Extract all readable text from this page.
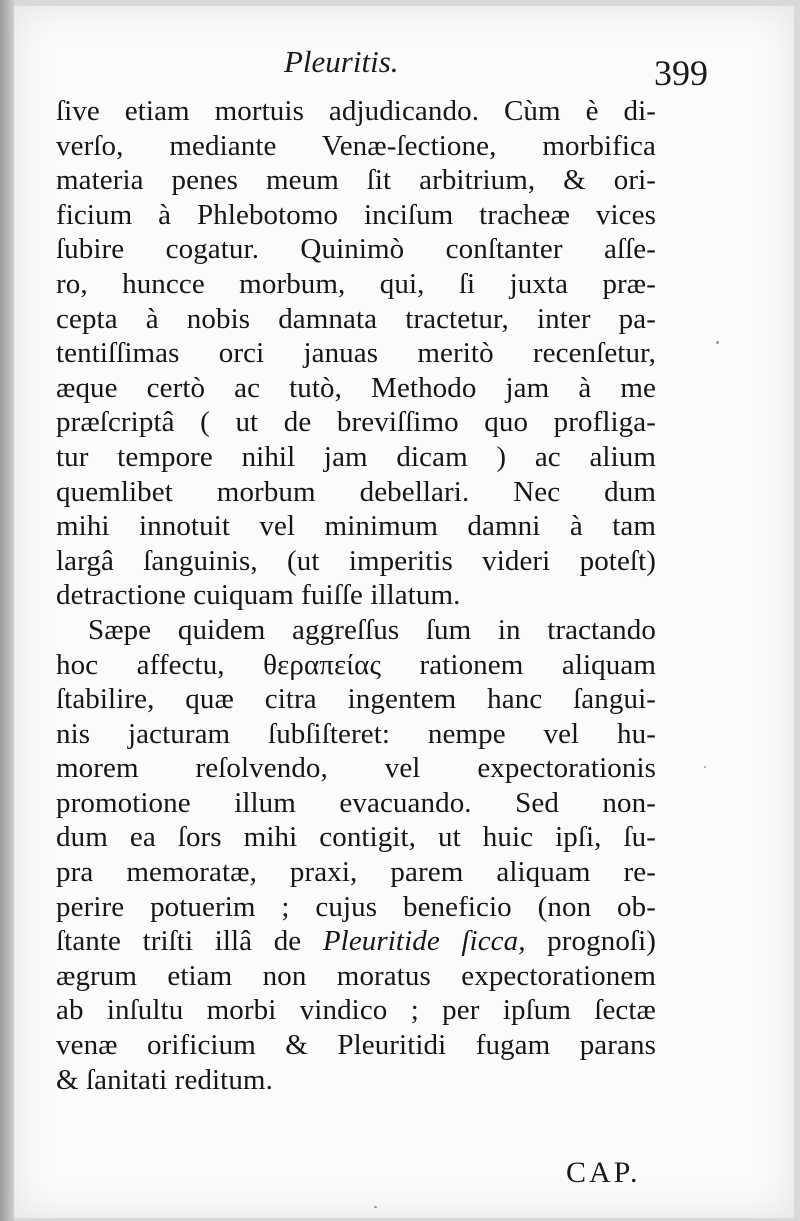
Pleuritis.	399
ſive etiam mortuis adjudicando. Cùm è di-
verſo, mediante Venæ-ſectione, morbifica
materia penes meum ſit arbitrium, & ori-
ficium à Phlebotomo inciſum tracheæ vices
ſubire cogatur. Quinimò conſtanter aſſe-
ro, huncce morbum, qui, ſi juxta præ-
cepta à nobis damnata tractetur, inter pa-
tentiſſimas orci januas meritò recenſetur,
æque certò ac tutò, Methodo jam à me
præſcriptâ ( ut de breviſſimo quo profliga-
tur tempore nihil jam dicam ) ac alium
quemlibet morbum debellari. Nec dum
mihi innotuit vel minimum damni à tam
largâ ſanguinis, (ut imperitis videri poteſt)
detractione cuiquam fuiſſe illatum.
Sæpe quidem aggreſſus ſum in tractando
hoc affectu, θεραπείας rationem aliquam
ſtabilire, quæ citra ingentem hanc ſangui-
nis jacturam ſubſiſteret: nempe vel hu-
morem reſolvendo, vel expectorationis
promotione illum evacuando. Sed non-
dum ea ſors mihi contigit, ut huic ipſi, ſu-
pra memoratæ, praxi, parem aliquam re-
perire potuerim ; cujus beneficio (non ob-
ſtante triſti illâ de Pleuritide ſicca, prognoſi)
ægrum etiam non moratus expectorationem
ab inſultu morbi vindico ; per ipſum ſectæ
venæ orificium & Pleuritidi fugam parans
& ſanitati reditum.
CAP.
